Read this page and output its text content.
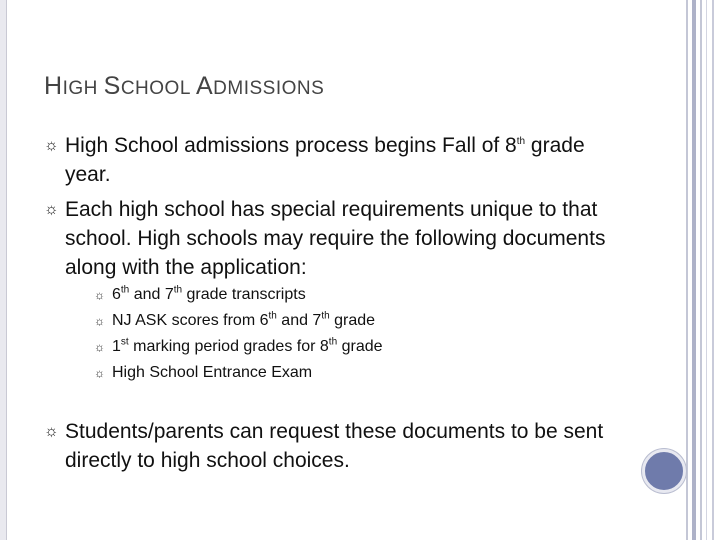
HIGH SCHOOL ADMISSIONS
☼ High School admissions process begins Fall of 8th grade year.
☼ Each high school has special requirements unique to that school. High schools may require the following documents along with the application:
☼ 6th and 7th grade transcripts
☼ NJ ASK scores from 6th and 7th grade
☼ 1st marking period grades for 8th grade
☼ High School Entrance Exam
☼ Students/parents can request these documents to be sent directly to high school choices.
